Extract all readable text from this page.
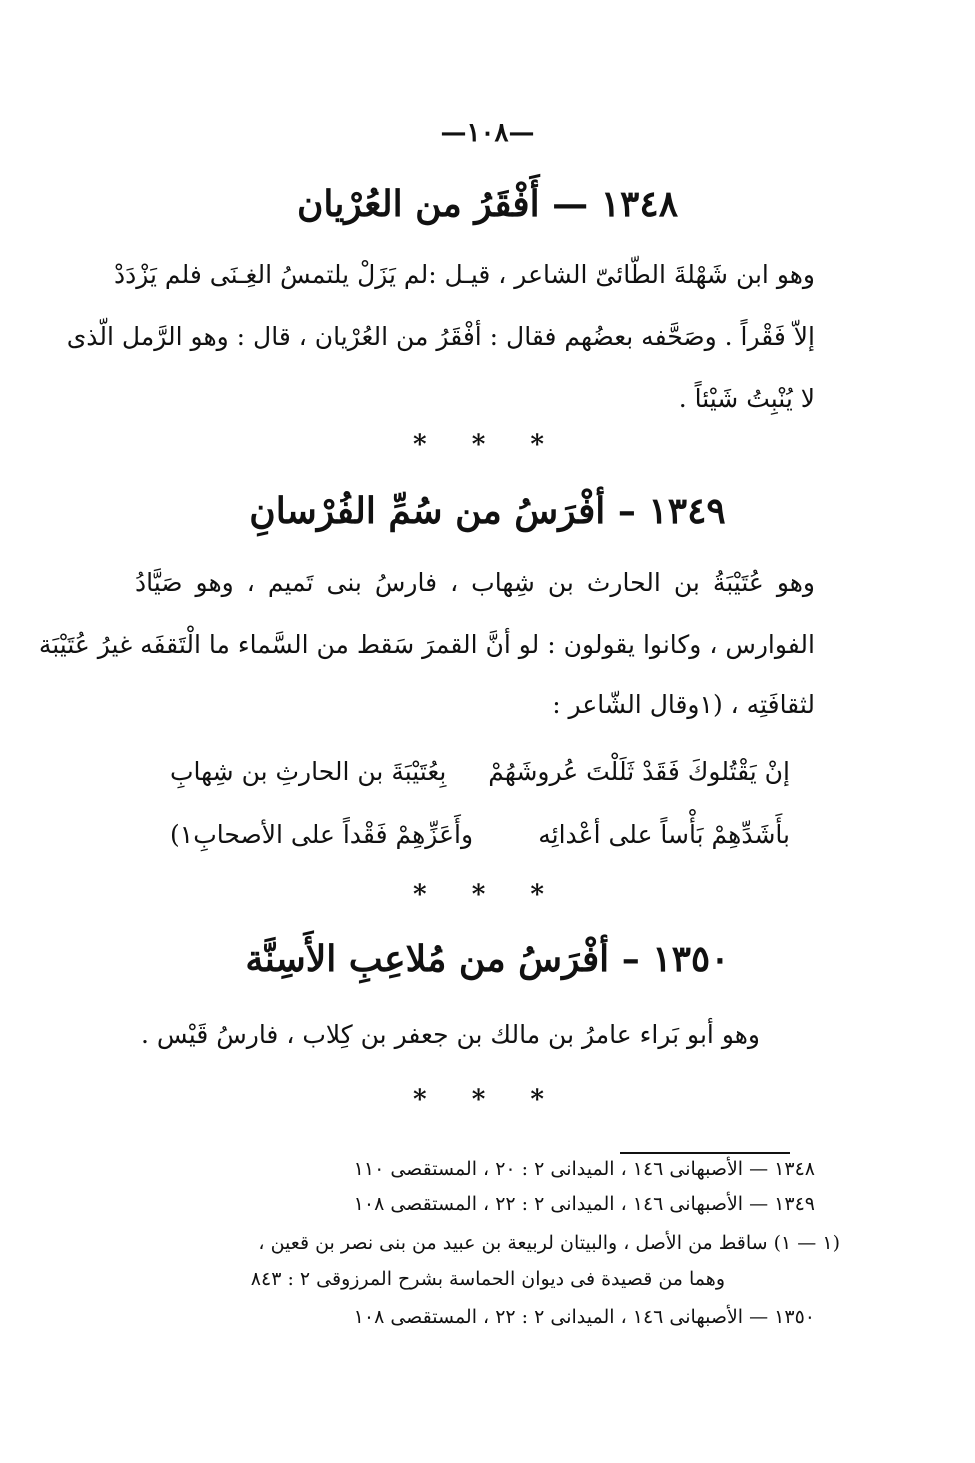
—١٠٨—
١٣٤٨ — أَفْقَرُ من العُرْيان
وهو ابن شَهْلةَ الطّائىّ الشاعر ، قيـل :لم يَزَلْ يلتمسُ الغِـنَى فلم يَزْدَدْ
إلاّ فَقْراً . وصَحَّفه بعضُهم فقال : أفْقَرُ من العُرْيان ، قال : وهو الرَّمل الّذى
لا يُنْبِتُ شَيْئاً .
* * *
١٣٤٩ – أفْرَسُ من سُمِّ الفُرْسانِ
وهو عُتَيْبَةُ بن الحارث بن شِهاب ، فارسُ بنى تَميم ، وهو صَيَّادُ
الفوارس ، وكانوا يقولون : لو أنَّ القمرَ سَقط من السَّماء ما الْتَقفَه غيرُ عُتَيْبَة
لثقافَتِه ، (١وقال الشّاعر :
إنْ يَقْتُلوكَ فَقَدْ ثَلَلْتَ عُروشَهُمْ
بِعُتَيْبَةَ بن الحارثِ بن شِهابِ
بأَشَدِّهِمْ بَأْساً على أعْدائِه
وأَعَزِّهِمْ فَقْداً على الأصحابِ١)
* * *
١٣٥٠ – أفْرَسُ من مُلاعِبِ الأَسِنَّة
وهو أبو بَراء عامرُ بن مالك بن جعفر بن كِلاب ، فارسُ قَيْس .
* * *
١٣٤٨ — الأصبهانى ١٤٦ ، الميدانى ٢ : ٢٠ ، المستقصى ١١٠
١٣٤٩ — الأصبهانى ١٤٦ ، الميدانى ٢ : ٢٢ ، المستقصى ١٠٨
(١ — ١) ساقط من الأصل ، والبيتان لربيعة بن عبيد من بنى نصر بن قعين ،
وهما من قصيدة فى ديوان الحماسة بشرح المرزوقى ٢ : ٨٤٣
١٣٥٠ — الأصبهانى ١٤٦ ، الميدانى ٢ : ٢٢ ، المستقصى ١٠٨
